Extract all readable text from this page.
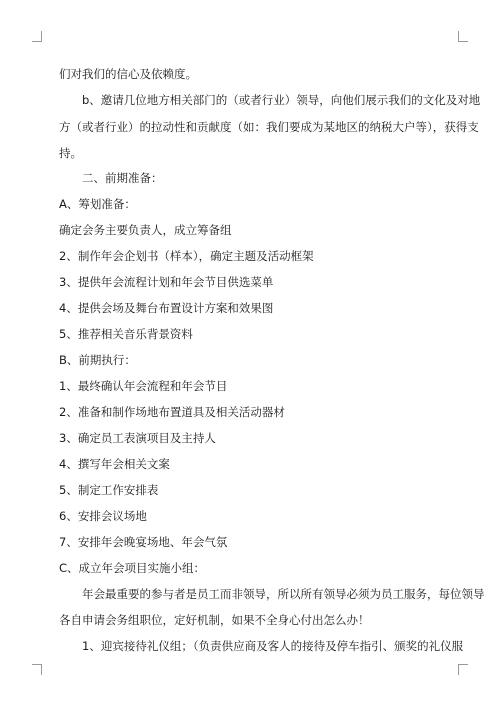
们对我们的信心及依赖度。
b、邀请几位地方相关部门的（或者行业）领导，向他们展示我们的文化及对地
方（或者行业）的拉动性和贡献度（如：我们要成为某地区的纳税大户等），获得支
持。
二、前期准备：
A、筹划准备：
确定会务主要负责人，成立筹备组
2、制作年会企划书（样本），确定主题及活动框架
3、提供年会流程计划和年会节目供选菜单
4、提供会场及舞台布置设计方案和效果图
5、推荐相关音乐背景资料
B、前期执行：
1、最终确认年会流程和年会节目
2、准备和制作场地布置道具及相关活动器材
3、确定员工表演项目及主持人
4、撰写年会相关文案
5、制定工作安排表
6、安排会议场地
7、安排年会晚宴场地、年会气氛
C、成立年会项目实施小组：
年会最重要的参与者是员工而非领导，所以所有领导必须为员工服务，每位领导
各自申请会务组职位，定好机制，如果不全身心付出怎么办！
1、迎宾接待礼仪组；（负责供应商及客人的接待及停车指引、颁奖的礼仪服
